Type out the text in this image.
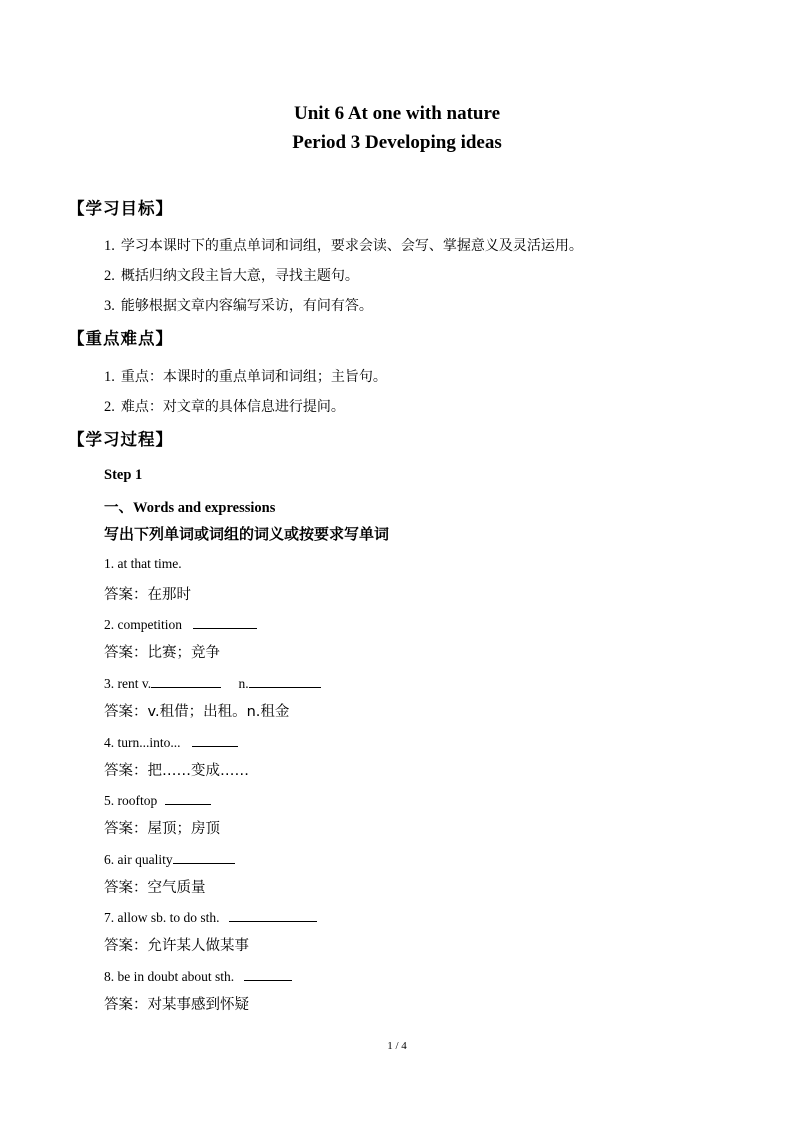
Unit 6 At one with nature
Period 3 Developing ideas
【学习目标】
1. 学习本课时下的重点单词和词组，要求会读、会写、掌握意义及灵活运用。
2. 概括归纳文段主旨大意，寻找主题句。
3. 能够根据文章内容编写采访，有问有答。
【重点难点】
1. 重点：本课时的重点单词和词组；主旨句。
2. 难点：对文章的具体信息进行提问。
【学习过程】
Step 1
一、Words and expressions
写出下列单词或词组的词义或按要求写单词
1. at that time.
答案：在那时
2. competition
答案：比赛；竞争
3. rent v.	n.
答案：v.租借；出租。n.租金
4. turn...into...
答案：把……变成……
5. rooftop
答案：屋顶；房顶
6. air quality
答案：空气质量
7. allow sb. to do sth.
答案：允许某人做某事
8. be in doubt about sth.
答案：对某事感到怀疑
1 / 4
